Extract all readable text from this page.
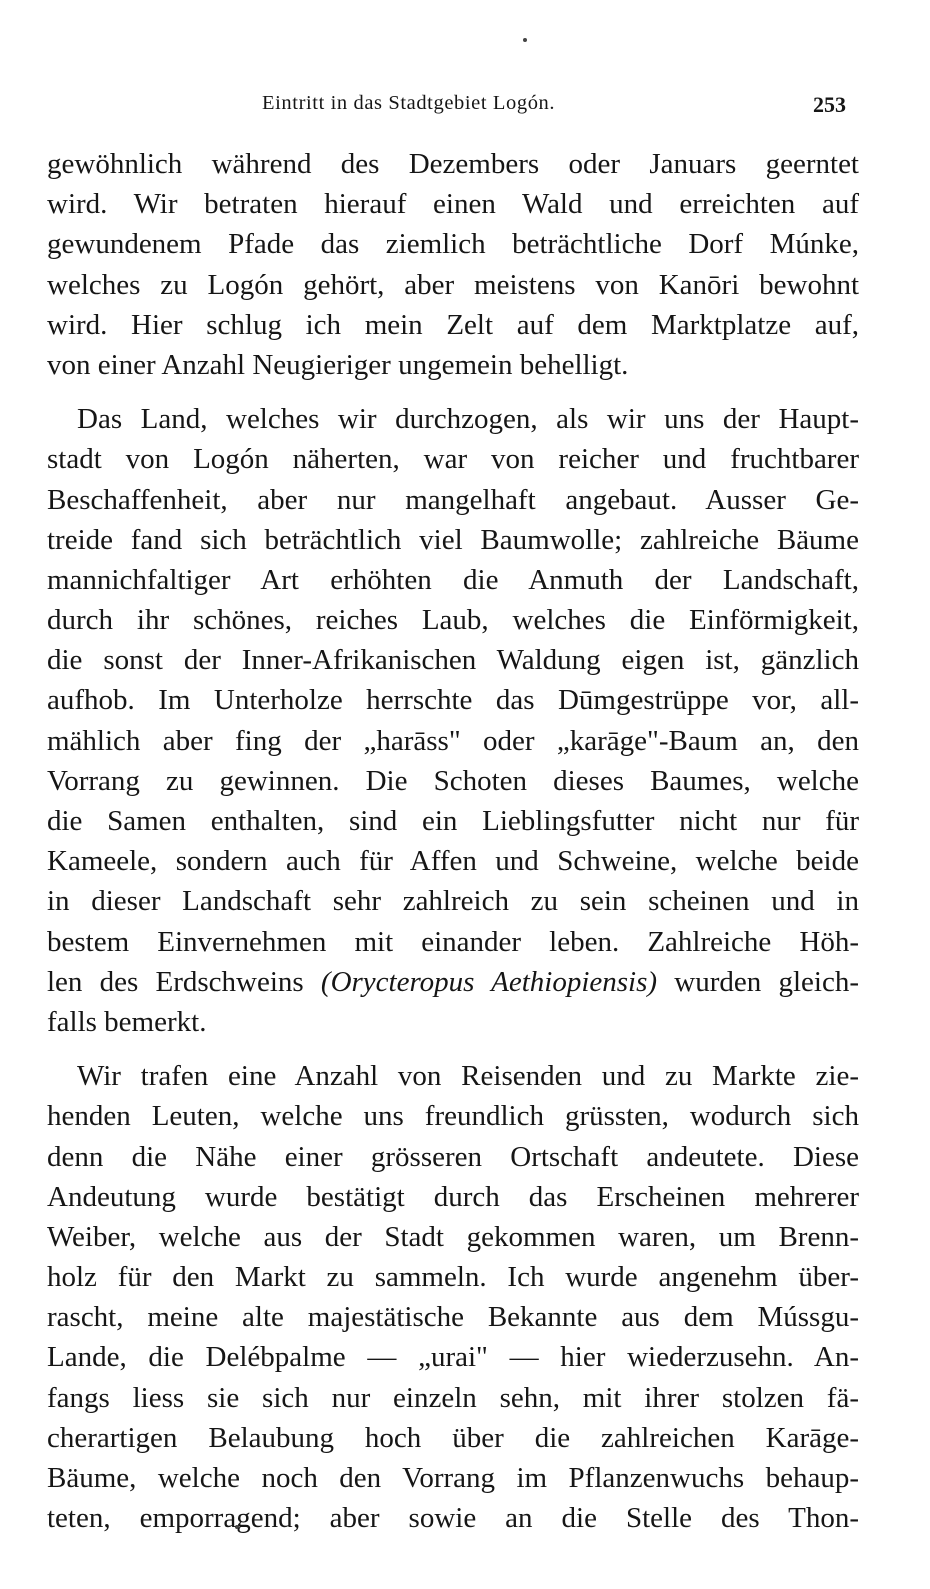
Eintritt in das Stadtgebiet Logón.	253
gewöhnlich während des Dezembers oder Januars geerntet
wird. Wir betraten hierauf einen Wald und erreichten auf
gewundenem Pfade das ziemlich beträchtliche Dorf Múnke,
welches zu Logón gehört, aber meistens von Kanōri bewohnt
wird. Hier schlug ich mein Zelt auf dem Marktplatze auf,
von einer Anzahl Neugieriger ungemein behelligt.
Das Land, welches wir durchzogen, als wir uns der Haupt-
stadt von Logón näherten, war von reicher und fruchtbarer
Beschaffenheit, aber nur mangelhaft angebaut. Ausser Ge-
treide fand sich beträchtlich viel Baumwolle; zahlreiche Bäume
mannichfaltiger Art erhöhten die Anmuth der Landschaft,
durch ihr schönes, reiches Laub, welches die Einförmigkeit,
die sonst der Inner-Afrikanischen Waldung eigen ist, gänzlich
aufhob. Im Unterholze herrschte das Dūmgestrüppe vor, all-
mählich aber fing der „harāss" oder „karāge"-Baum an, den
Vorrang zu gewinnen. Die Schoten dieses Baumes, welche
die Samen enthalten, sind ein Lieblingsfutter nicht nur für
Kameele, sondern auch für Affen und Schweine, welche beide
in dieser Landschaft sehr zahlreich zu sein scheinen und in
bestem Einvernehmen mit einander leben. Zahlreiche Höh-
len des Erdschweins (Orycteropus Aethiopiensis) wurden gleich-
falls bemerkt.
Wir trafen eine Anzahl von Reisenden und zu Markte zie-
henden Leuten, welche uns freundlich grüssten, wodurch sich
denn die Nähe einer grösseren Ortschaft andeutete. Diese
Andeutung wurde bestätigt durch das Erscheinen mehrerer
Weiber, welche aus der Stadt gekommen waren, um Brenn-
holz für den Markt zu sammeln. Ich wurde angenehm über-
rascht, meine alte majestätische Bekannte aus dem Mússgu-
Lande, die Delébpalme — „urai" — hier wiederzusehn. An-
fangs liess sie sich nur einzeln sehn, mit ihrer stolzen fä-
cherartigen Belaubung hoch über die zahlreichen Karāge-
Bäume, welche noch den Vorrang im Pflanzenwuchs behaup-
teten, emporragend; aber sowie an die Stelle des Thon-
